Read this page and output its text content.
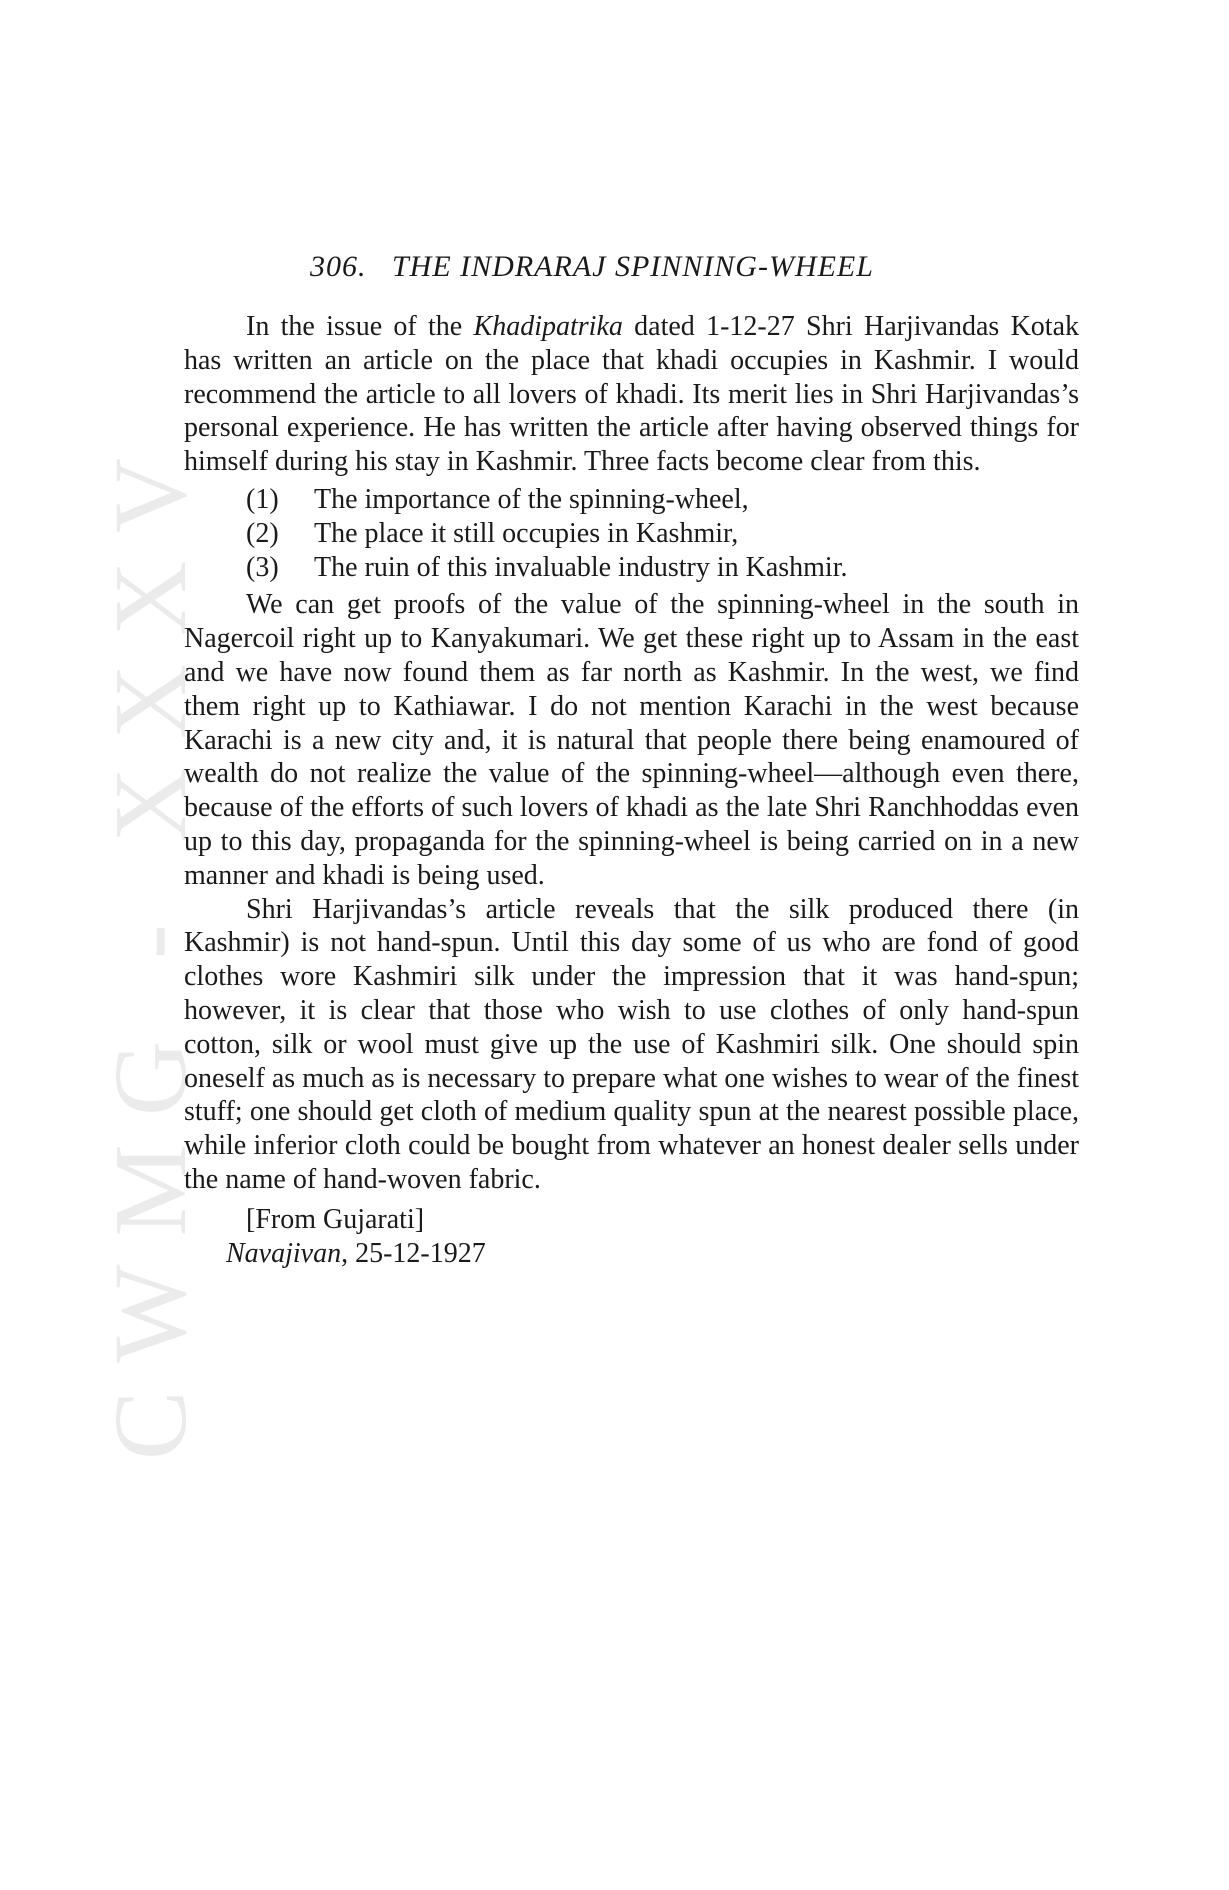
CWMG - XXXV
306. THE INDRARAJ SPINNING-WHEEL

In the issue of the Khadipatrika dated 1-12-27 Shri Harjivandas Kotak has written an article on the place that khadi occupies in Kashmir. I would recommend the article to all lovers of khadi. Its merit lies in Shri Harjivandas’s personal experience. He has written the article after having observed things for himself during his stay in Kashmir. Three facts become clear from this.

(1)	The importance of the spinning-wheel,
(2)	The place it still occupies in Kashmir,
(3)	The ruin of this invaluable industry in Kashmir.

We can get proofs of the value of the spinning-wheel in the south in Nagercoil right up to Kanyakumari. We get these right up to Assam in the east and we have now found them as far north as Kashmir. In the west, we find them right up to Kathiawar. I do not mention Karachi in the west because Karachi is a new city and, it is natural that people there being enamoured of wealth do not realize the value of the spinning-wheel—although even there, because of the efforts of such lovers of khadi as the late Shri Ranchhoddas even up to this day, propaganda for the spinning-wheel is being carried on in a new manner and khadi is being used.

Shri Harjivandas’s article reveals that the silk produced there (in Kashmir) is not hand-spun. Until this day some of us who are fond of good clothes wore Kashmiri silk under the impression that it was hand-spun; however, it is clear that those who wish to use clothes of only hand-spun cotton, silk or wool must give up the use of Kashmiri silk. One should spin oneself as much as is necessary to prepare what one wishes to wear of the finest stuff; one should get cloth of medium quality spun at the nearest possible place, while inferior cloth could be bought from whatever an honest dealer sells under the name of hand-woven fabric.

[From Gujarati]
Navajivan, 25-12-1927
